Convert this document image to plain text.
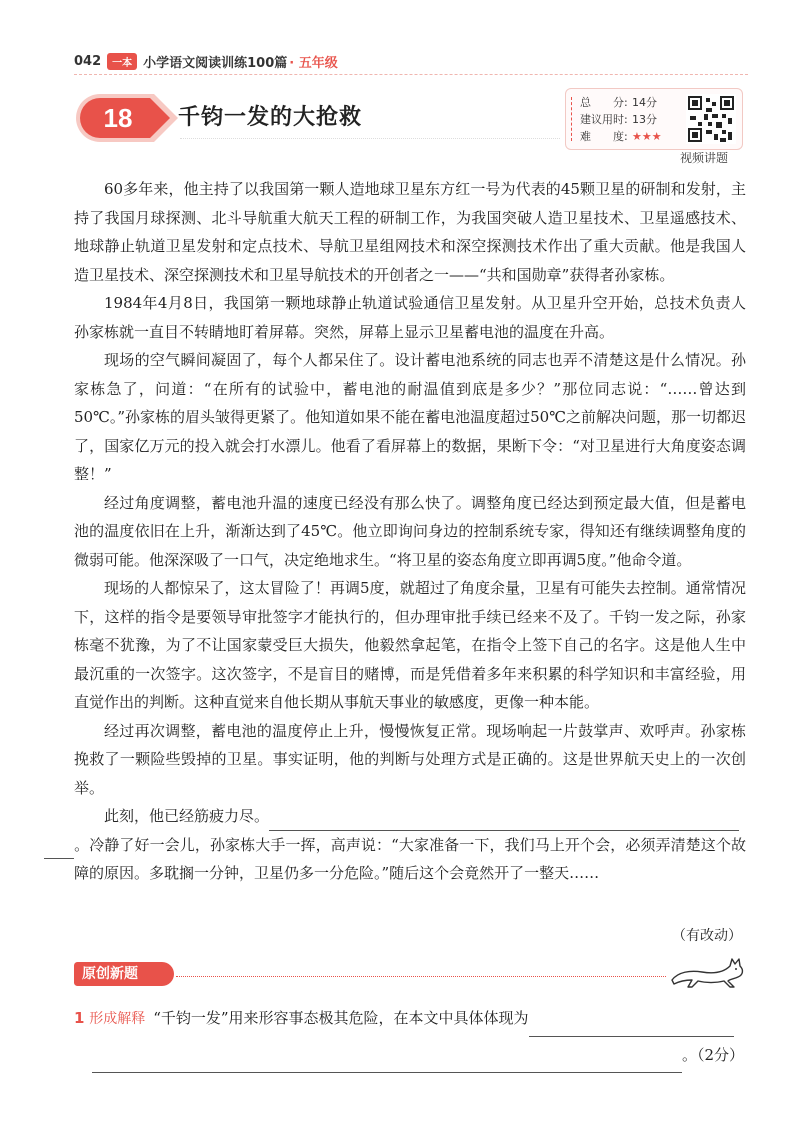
042	一本 小学语文阅读训练100篇 · 五年级
18 千钧一发的大抢救
总　　分: 14分
建议用时: 13分
难　　度: ★★★
视频讲题

60多年来，他主持了以我国第一颗人造地球卫星东方红一号为代表的45颗卫星的研制和发射，主持了我国月球探测、北斗导航重大航天工程的研制工作，为我国突破人造卫星技术、卫星遥感技术、地球静止轨道卫星发射和定点技术、导航卫星组网技术和深空探测技术作出了重大贡献。他是我国人造卫星技术、深空探测技术和卫星导航技术的开创者之一——“共和国勋章”获得者孙家栋。

1984年4月8日，我国第一颗地球静止轨道试验通信卫星发射。从卫星升空开始，总技术负责人孙家栋就一直目不转睛地盯着屏幕。突然，屏幕上显示卫星蓄电池的温度在升高。

现场的空气瞬间凝固了，每个人都呆住了。设计蓄电池系统的同志也弄不清楚这是什么情况。孙家栋急了，问道：“在所有的试验中，蓄电池的耐温值到底是多少？”那位同志说：“……曾达到50℃。”孙家栋的眉头皱得更紧了。他知道如果不能在蓄电池温度超过50℃之前解决问题，那一切都迟了，国家亿万元的投入就会打水漂儿。他看了看屏幕上的数据，果断下令：“对卫星进行大角度姿态调整！”

经过角度调整，蓄电池升温的速度已经没有那么快了。调整角度已经达到预定最大值，但是蓄电池的温度依旧在上升，渐渐达到了45℃。他立即询问身边的控制系统专家，得知还有继续调整角度的微弱可能。他深深吸了一口气，决定绝地求生。“将卫星的姿态角度立即再调5度。”他命令道。

现场的人都惊呆了，这太冒险了！再调5度，就超过了角度余量，卫星有可能失去控制。通常情况下，这样的指令是要领导审批签字才能执行的，但办理审批手续已经来不及了。千钧一发之际，孙家栋毫不犹豫，为了不让国家蒙受巨大损失，他毅然拿起笔，在指令上签下自己的名字。这是他人生中最沉重的一次签字。这次签字，不是盲目的赌博，而是凭借着多年来积累的科学知识和丰富经验，用直觉作出的判断。这种直觉来自他长期从事航天事业的敏感度，更像一种本能。

经过再次调整，蓄电池的温度停止上升，慢慢恢复正常。现场响起一片鼓掌声、欢呼声。孙家栋挽救了一颗险些毁掉的卫星。事实证明，他的判断与处理方式是正确的。这是世界航天史上的一次创举。

此刻，他已经筋疲力尽。
。冷静了好一会儿，孙家栋大手一挥，高声说：“大家准备一下，我们马上开个会，必须弄清楚这个故障的原因。多耽搁一分钟，卫星仍多一分危险。”随后这个会竟然开了一整天……

（有改动）
原创新题
1 形成解释 “千钧一发”用来形容事态极其危险，在本文中具体体现为
。（2分）
